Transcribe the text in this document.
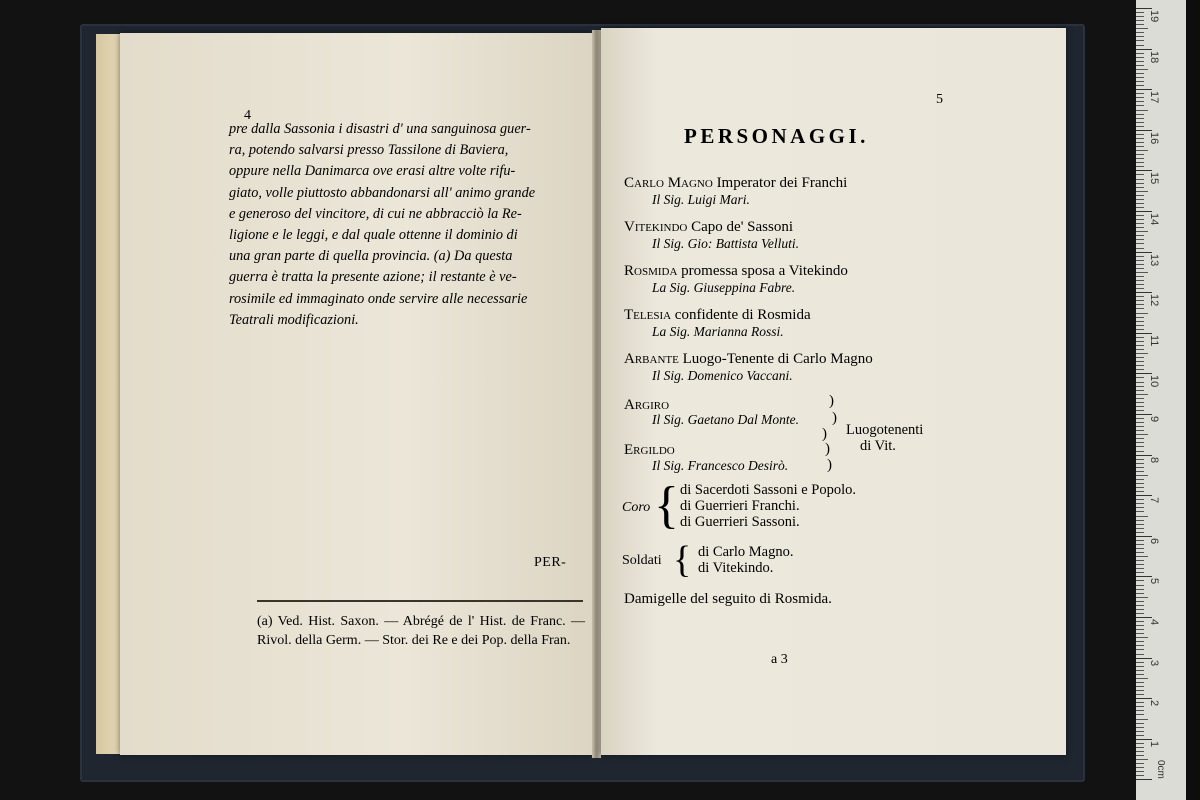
4
pre dalla Sassonia i disastri d' una sanguinosa guer-
ra, potendo salvarsi presso Tassilone di Baviera,
oppure nella Danimarca ove erasi altre volte rifu-
giato, volle piuttosto abbandonarsi all' animo grande
e generoso del vincitore, di cui ne abbracciò la Re-
ligione e le leggi, e dal quale ottenne il dominio di
una gran parte di quella provincia. (a) Da questa
guerra è tratta la presente azione; il restante è ve-
rosimile ed immaginato onde servire alle necessarie
Teatrali modificazioni.
PER-

(a) Ved. Hist. Saxon. — Abrégé de l' Hist. de Franc. — Rivol. della Germ. — Stor. dei Re e dei Pop. della Fran.

5
PERSONAGGI.
Carlo Magno Imperator dei Franchi
Il Sig. Luigi Mari.
Vitekindo Capo de' Sassoni
Il Sig. Gio: Battista Velluti.
Rosmida promessa sposa a Vitekindo
La Sig. Giuseppina Fabre.
Telesia confidente di Rosmida
La Sig. Marianna Rossi.
Arbante Luogo-Tenente di Carlo Magno
Il Sig. Domenico Vaccani.
Argiro
Il Sig. Gaetano Dal Monte.
Ergildo
Il Sig. Francesco Desirò.
)
)
)
)
)
Luogotenenti
di Vit.
Coro { di Sacerdoti Sassoni e Popolo.
di Guerrieri Franchi.
di Guerrieri Sassoni.
Soldati { di Carlo Magno.
di Vitekindo.
Damigelle del seguito di Rosmida.
a 3
19
18
17
16
15
14
13
12
11
10
9
8
7
6
5
4
3
2
1
0cm
